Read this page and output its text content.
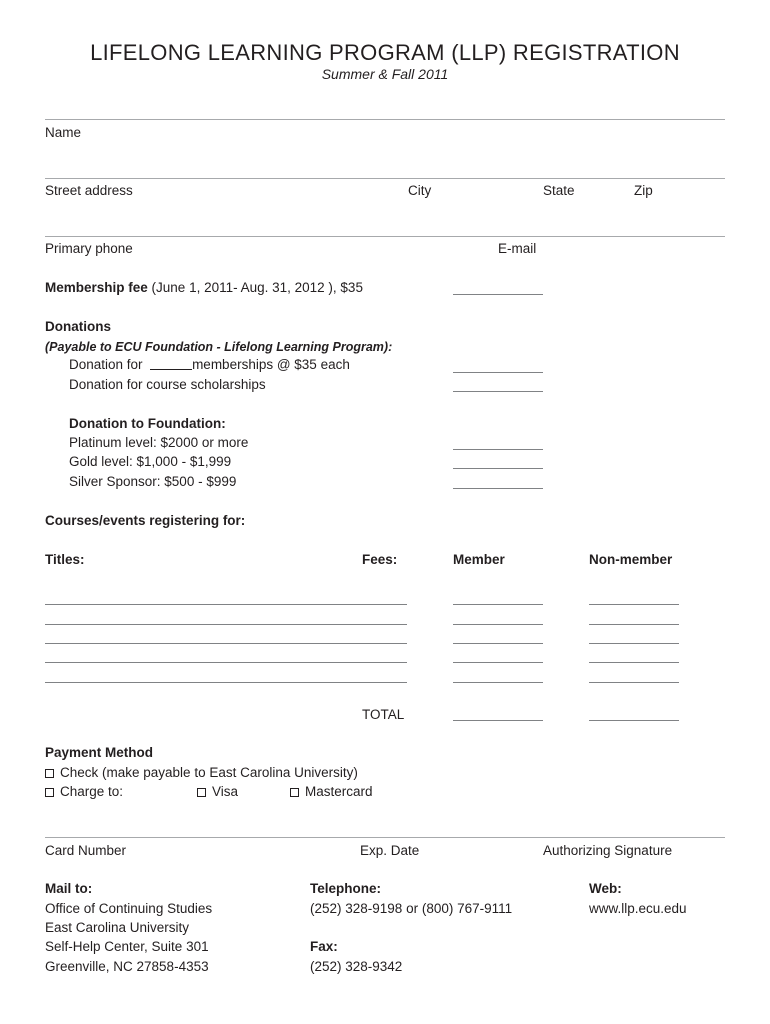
LIFELONG LEARNING PROGRAM (LLP) REGISTRATION
Summer & Fall 2011
Name
Street address	City	State	Zip
Primary phone	E-mail
Membership fee (June 1, 2011- Aug. 31, 2012 ), $35
Donations
(Payable to ECU Foundation - Lifelong Learning Program):
Donation for	memberships @ $35 each
Donation for course scholarships
Donation to Foundation:
Platinum level: $2000 or more
Gold level: $1,000 - $1,999
Silver Sponsor: $500 - $999
Courses/events registering for:
Titles:	Fees:	Member	Non-member
TOTAL
Payment Method
Check (make payable to East Carolina University)
Charge to:	Visa	Mastercard
Card Number	Exp. Date	Authorizing Signature
Mail to:
Office of Continuing Studies
East Carolina University
Self-Help Center, Suite 301
Greenville, NC 27858-4353
Telephone:
(252) 328-9198 or (800) 767-9111
Fax:
(252) 328-9342
Web:
www.llp.ecu.edu
